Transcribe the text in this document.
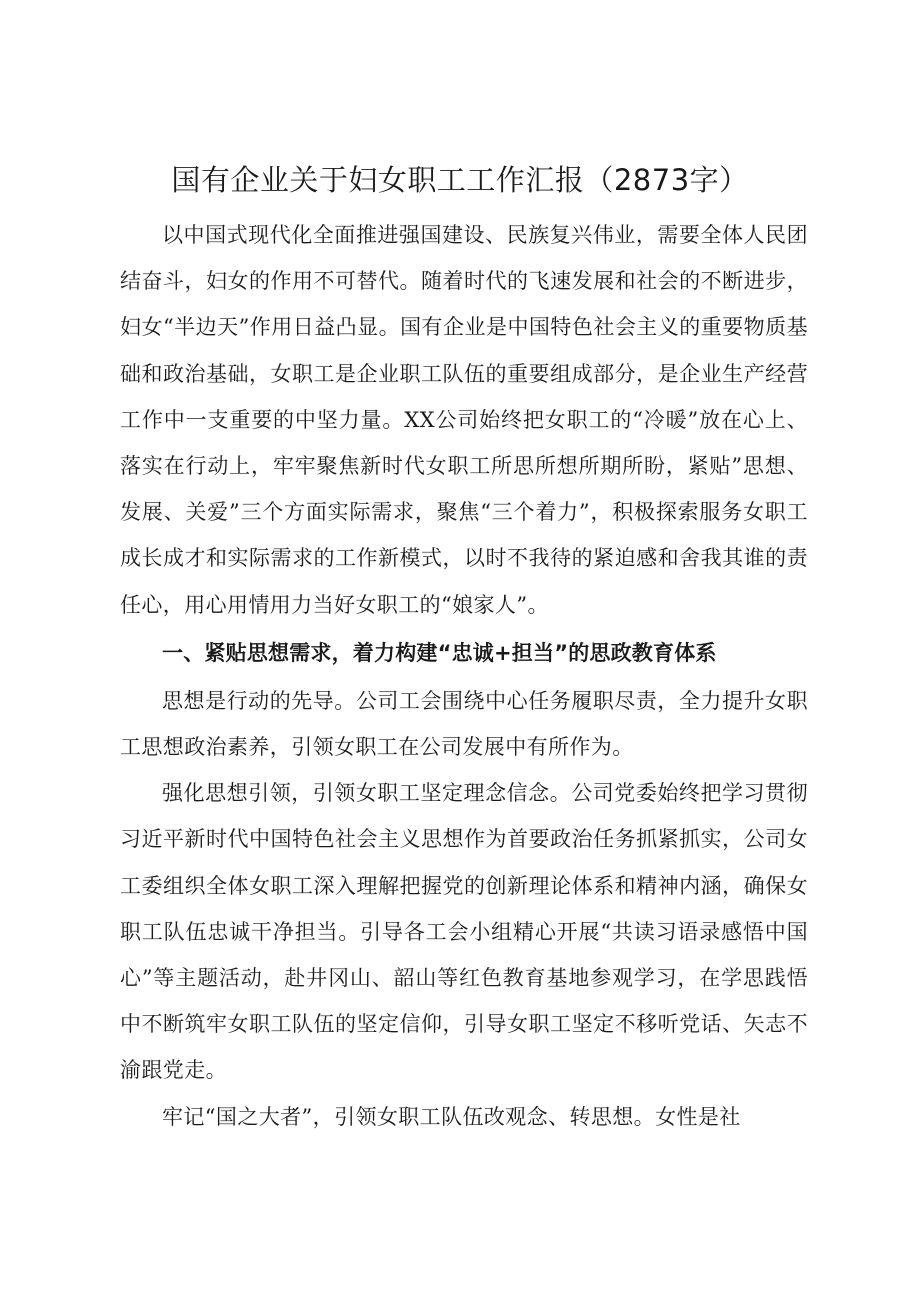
国有企业关于妇女职工工作汇报（2873字）

以中国式现代化全面推进强国建设、民族复兴伟业，需要全体人民团结奋斗，妇女的作用不可替代。随着时代的飞速发展和社会的不断进步，妇女“半边天”作用日益凸显。国有企业是中国特色社会主义的重要物质基础和政治基础，女职工是企业职工队伍的重要组成部分，是企业生产经营工作中一支重要的中坚力量。XX公司始终把女职工的“冷暖”放在心上、落实在行动上，牢牢聚焦新时代女职工所思所想所期所盼，紧贴”思想、发展、关爱”三个方面实际需求，聚焦“三个着力”，积极探索服务女职工成长成才和实际需求的工作新模式，以时不我待的紧迫感和舍我其谁的责任心，用心用情用力当好女职工的“娘家人”。

一、紧贴思想需求，着力构建“忠诚+担当”的思政教育体系

思想是行动的先导。公司工会围绕中心任务履职尽责，全力提升女职工思想政治素养，引领女职工在公司发展中有所作为。

强化思想引领，引领女职工坚定理念信念。公司党委始终把学习贯彻习近平新时代中国特色社会主义思想作为首要政治任务抓紧抓实，公司女工委组织全体女职工深入理解把握党的创新理论体系和精神内涵，确保女职工队伍忠诚干净担当。引导各工会小组精心开展“共读习语录感悟中国心”等主题活动，赴井冈山、韶山等红色教育基地参观学习，在学思践悟中不断筑牢女职工队伍的坚定信仰，引导女职工坚定不移听党话、矢志不渝跟党走。

牢记“国之大者”，引领女职工队伍改观念、转思想。女性是社
